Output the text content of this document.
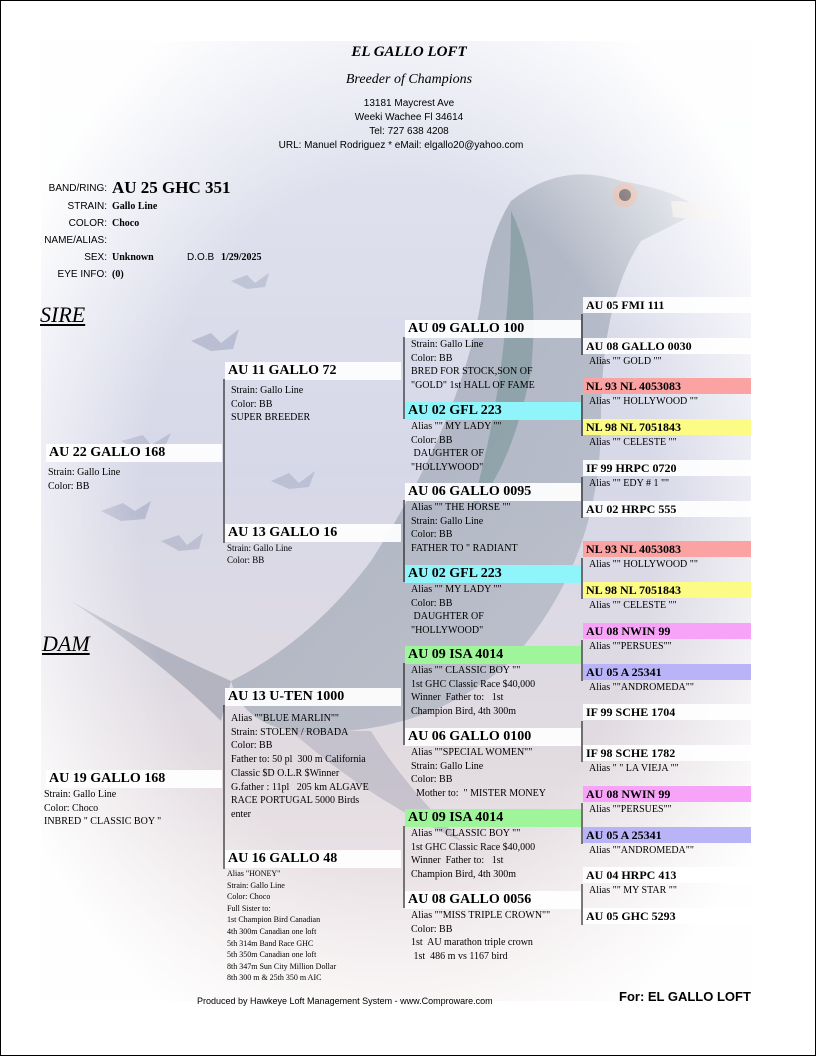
EL GALLO LOFT
Breeder of Champions
13181 Maycrest Ave
Weeki Wachee Fl 34614
Tel: 727 638 4208
URL: Manuel Rodriguez * eMail: elgallo20@yahoo.com
BAND/RING: AU 25 GHC 351
STRAIN: Gallo Line
COLOR: Choco
NAME/ALIAS:
SEX: Unknown	D.O.B 1/29/2025
EYE INFO: (0)
SIRE
DAM
AU 22 GALLO 168
Strain: Gallo Line
Color: BB
AU 19 GALLO 168
Strain: Gallo Line
Color: Choco
INBRED " CLASSIC BOY "
AU 11 GALLO 72
Strain: Gallo Line
Color: BB
SUPER BREEDER
AU 13 GALLO 16
Strain: Gallo Line
Color: BB
AU 13 U-TEN 1000
Alias ""BLUE MARLIN""
Strain: STOLEN / ROBADA
Color: BB
Father to: 50 pl  300 m California
Classic $D O.L.R $Winner
G.father : 11pl   205 km ALGAVE
RACE PORTUGAL 5000 Birds
enter
AU 16 GALLO 48
Alias "HONEY"
Strain: Gallo Line
Color: Choco
Full Sister to:
1st Champion Bird Canadian
4th 300m Canadian one loft
5th 314m Band Race GHC
5th 350m Canadian one loft
8th 347m Sun City Million Dollar
8th 300 m & 25th 350 m AIC
AU 09 GALLO 100
Strain: Gallo Line
Color: BB
BRED FOR STOCK,SON OF
"GOLD" 1st HALL OF FAME
AU 02 GFL 223
Alias "" MY LADY ""
Color: BB
DAUGHTER OF
"HOLLYWOOD"
AU 06 GALLO 0095
Alias "" THE HORSE ""
Strain: Gallo Line
Color: BB
FATHER TO " RADIANT
AU 02 GFL 223
Alias "" MY LADY ""
Color: BB
DAUGHTER OF
"HOLLYWOOD"
AU 09 ISA 4014
Alias "" CLASSIC BOY ""
1st GHC Classic Race $40,000
Winner  Father to:   1st
Champion Bird, 4th 300m
AU 06 GALLO 0100
Alias ""SPECIAL WOMEN""
Strain: Gallo Line
Color: BB
Mother to:  " MISTER MONEY
AU 09 ISA 4014
Alias "" CLASSIC BOY ""
1st GHC Classic Race $40,000
Winner  Father to:   1st
Champion Bird, 4th 300m
AU 08 GALLO 0056
Alias ""MISS TRIPLE CROWN""
Color: BB
1st  AU marathon triple crown
1st  486 m vs 1167 bird
AU 05 FMI 111
AU 08 GALLO 0030
Alias "" GOLD ""
NL 93 NL 4053083
Alias "" HOLLYWOOD ""
NL 98 NL 7051843
Alias "" CELESTE ""
IF 99 HRPC 0720
Alias "" EDY # 1 ""
AU 02 HRPC 555
NL 93 NL 4053083
Alias "" HOLLYWOOD ""
NL 98 NL 7051843
Alias "" CELESTE ""
AU 08 NWIN 99
Alias ""PERSUES""
AU 05 A 25341
Alias ""ANDROMEDA""
IF 99 SCHE 1704
IF 98 SCHE 1782
Alias " " LA VIEJA ""
AU 08 NWIN 99
Alias ""PERSUES""
AU 05 A 25341
Alias ""ANDROMEDA""
AU 04 HRPC 413
Alias "" MY STAR ""
AU 05 GHC 5293
Produced by Hawkeye Loft Management System - www.Comproware.com	For: EL GALLO LOFT
